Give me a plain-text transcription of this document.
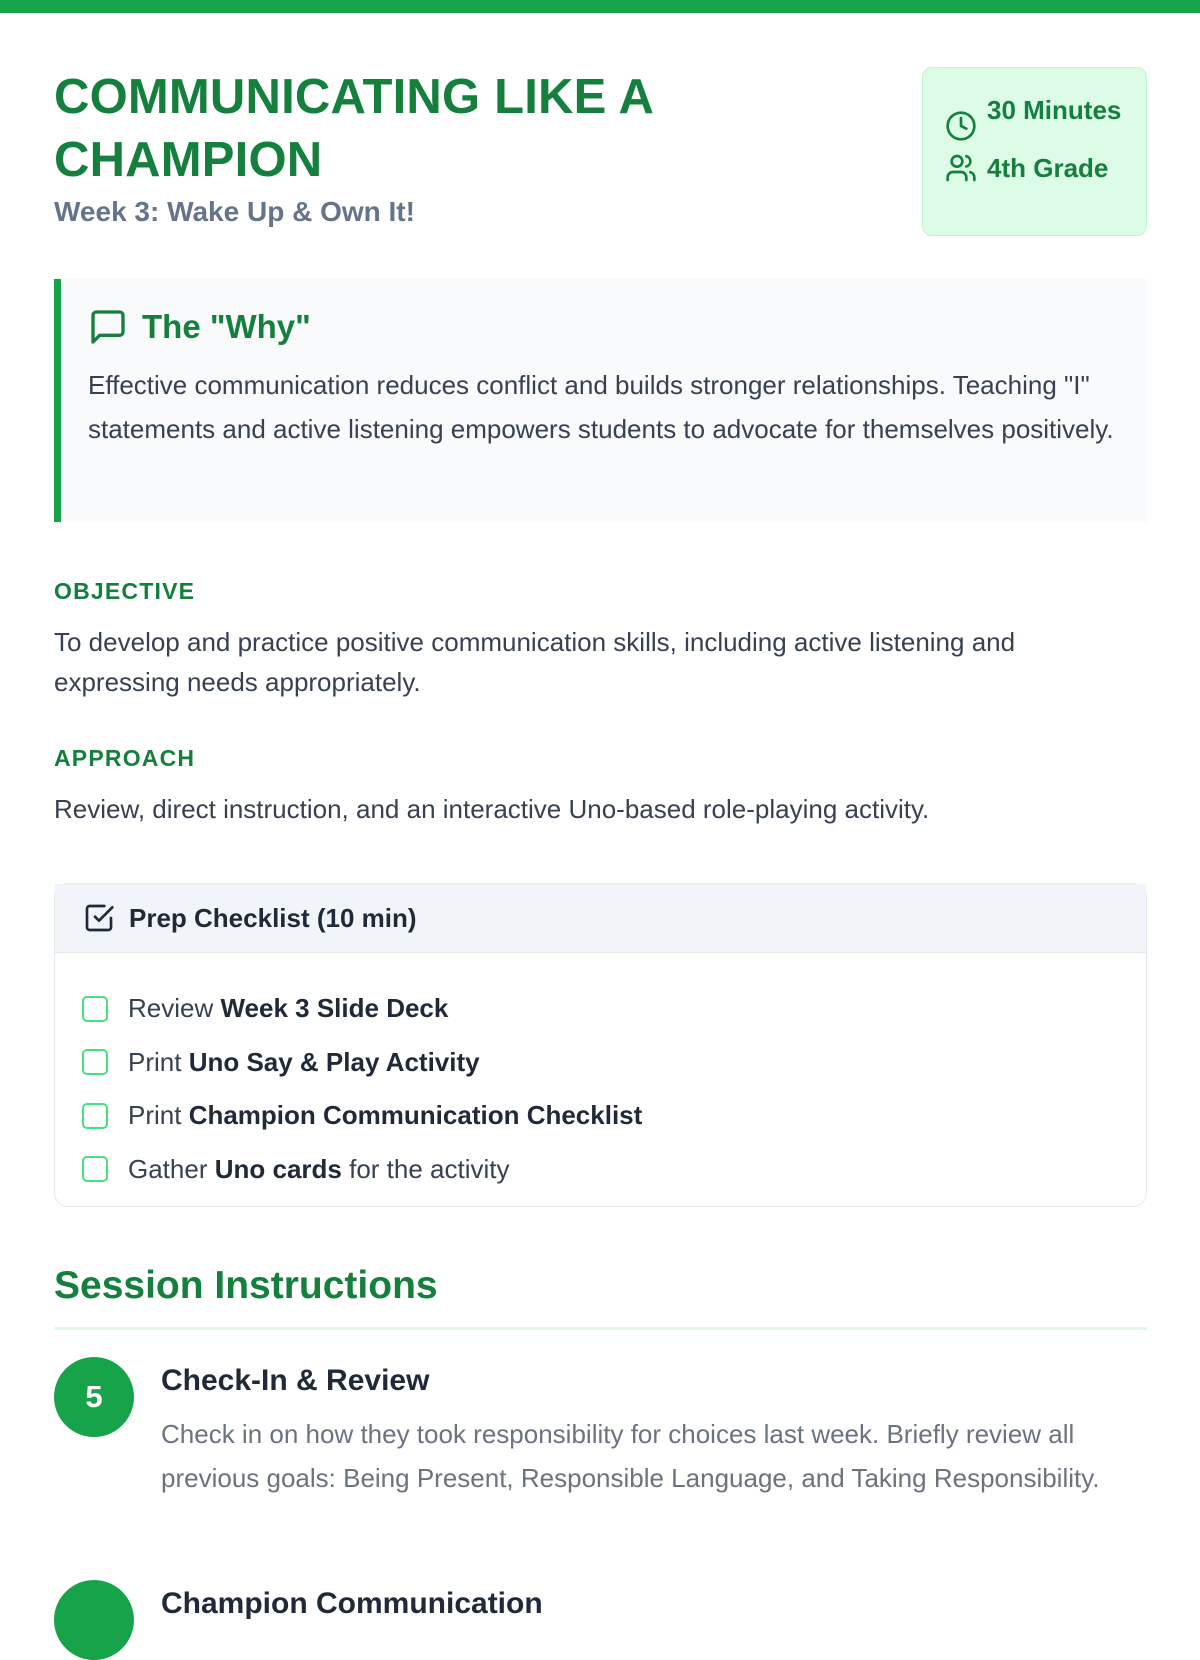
COMMUNICATING LIKE A CHAMPION
Week 3: Wake Up & Own It!
30 Minutes
4th Grade
The "Why"

Effective communication reduces conflict and builds stronger relationships. Teaching "I" statements and active listening empowers students to advocate for themselves positively.

OBJECTIVE

To develop and practice positive communication skills, including active listening and expressing needs appropriately.

APPROACH

Review, direct instruction, and an interactive Uno-based role-playing activity.

Prep Checklist (10 min)
Review Week 3 Slide Deck
Print Uno Say & Play Activity
Print Champion Communication Checklist
Gather Uno cards for the activity
Session Instructions
5	Check-In & Review

Check in on how they took responsibility for choices last week. Briefly review all previous goals: Being Present, Responsible Language, and Taking Responsibility.

Champion Communication
